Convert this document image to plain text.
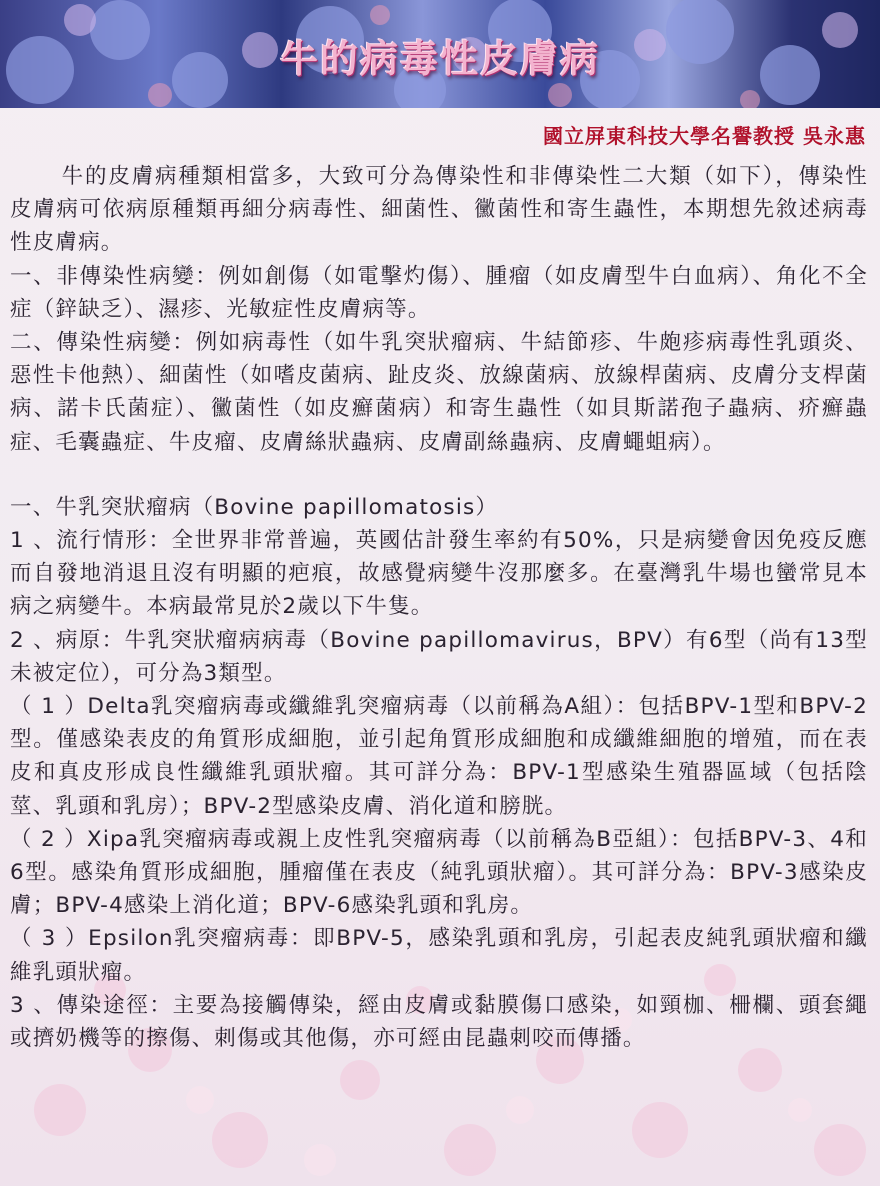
牛的病毒性皮膚病

國立屏東科技大學名譽教授 吳永惠

牛的皮膚病種類相當多，大致可分為傳染性和非傳染性二大類（如下），傳染性皮膚病可依病原種類再細分病毒性、細菌性、黴菌性和寄生蟲性，本期想先敘述病毒性皮膚病。

一、非傳染性病變：例如創傷（如電擊灼傷）、腫瘤（如皮膚型牛白血病）、角化不全症（鋅缺乏）、濕疹、光敏症性皮膚病等。

二、傳染性病變：例如病毒性（如牛乳突狀瘤病、牛結節疹、牛皰疹病毒性乳頭炎、惡性卡他熱）、細菌性（如嗜皮菌病、趾皮炎、放線菌病、放線桿菌病、皮膚分支桿菌病、諾卡氏菌症）、黴菌性（如皮癬菌病）和寄生蟲性（如貝斯諾孢子蟲病、疥癬蟲症、毛囊蟲症、牛皮瘤、皮膚絲狀蟲病、皮膚副絲蟲病、皮膚蠅蛆病）。

一、牛乳突狀瘤病（Bovine papillomatosis）

1 、流行情形：全世界非常普遍，英國估計發生率約有50%，只是病變會因免疫反應而自發地消退且沒有明顯的疤痕，故感覺病變牛沒那麼多。在臺灣乳牛場也蠻常見本病之病變牛。本病最常見於2歲以下牛隻。

2 、病原：牛乳突狀瘤病病毒（Bovine papillomavirus，BPV）有6型（尚有13型未被定位），可分為3類型。

（ 1 ）Delta乳突瘤病毒或纖維乳突瘤病毒（以前稱為A組）：包括BPV-1型和BPV-2型。僅感染表皮的角質形成細胞，並引起角質形成細胞和成纖維細胞的增殖，而在表皮和真皮形成良性纖維乳頭狀瘤。其可詳分為：BPV-1型感染生殖器區域（包括陰莖、乳頭和乳房）；BPV-2型感染皮膚、消化道和膀胱。

（ 2 ）Xipa乳突瘤病毒或親上皮性乳突瘤病毒（以前稱為B亞組）：包括BPV-3、4和6型。感染角質形成細胞，腫瘤僅在表皮（純乳頭狀瘤）。其可詳分為：BPV-3感染皮膚；BPV-4感染上消化道；BPV-6感染乳頭和乳房。

（ 3 ）Epsilon乳突瘤病毒：即BPV-5，感染乳頭和乳房，引起表皮純乳頭狀瘤和纖維乳頭狀瘤。

3 、傳染途徑：主要為接觸傳染，經由皮膚或黏膜傷口感染，如頸枷、柵欄、頭套繩或擠奶機等的擦傷、刺傷或其他傷，亦可經由昆蟲刺咬而傳播。
